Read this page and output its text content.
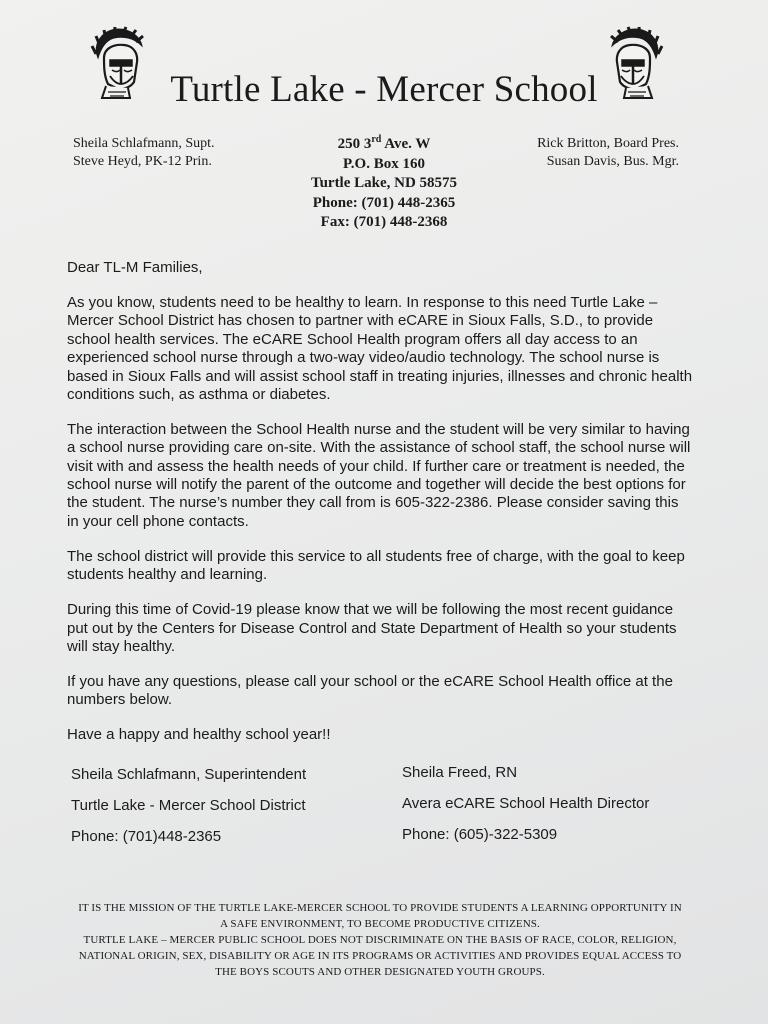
Turtle Lake - Mercer School
Sheila Schlafmann, Supt.
Steve Heyd, PK-12 Prin.
250 3rd Ave. W
P.O. Box 160
Turtle Lake, ND 58575
Phone: (701) 448-2365
Fax: (701) 448-2368
Rick Britton, Board Pres.
Susan Davis, Bus. Mgr.

Dear TL-M Families,

As you know, students need to be healthy to learn. In response to this need Turtle Lake – Mercer School District has chosen to partner with eCARE in Sioux Falls, S.D., to provide school health services. The eCARE School Health program offers all day access to an experienced school nurse through a two-way video/audio technology. The school nurse is based in Sioux Falls and will assist school staff in treating injuries, illnesses and chronic health conditions such, as asthma or diabetes.

The interaction between the School Health nurse and the student will be very similar to having a school nurse providing care on-site. With the assistance of school staff, the school nurse will visit with and assess the health needs of your child. If further care or treatment is needed, the school nurse will notify the parent of the outcome and together will decide the best options for the student. The nurse’s number they call from is 605-322-2386. Please consider saving this in your cell phone contacts.

The school district will provide this service to all students free of charge, with the goal to keep students healthy and learning.

During this time of Covid-19 please know that we will be following the most recent guidance put out by the Centers for Disease Control and State Department of Health so your students will stay healthy.

If you have any questions, please call your school or the eCARE School Health office at the numbers below.

Have a happy and healthy school year!!

Sheila Schlafmann, Superintendent
Turtle Lake - Mercer School District
Phone: (701)448-2365
Sheila Freed, RN
Avera eCARE School Health Director
Phone: (605)-322-5309
IT IS THE MISSION OF THE TURTLE LAKE-MERCER SCHOOL TO PROVIDE STUDENTS A LEARNING OPPORTUNITY IN A SAFE ENVIRONMENT, TO BECOME PRODUCTIVE CITIZENS.
TURTLE LAKE – MERCER PUBLIC SCHOOL DOES NOT DISCRIMINATE ON THE BASIS OF RACE, COLOR, RELIGION, NATIONAL ORIGIN, SEX, DISABILITY OR AGE IN ITS PROGRAMS OR ACTIVITIES AND PROVIDES EQUAL ACCESS TO THE BOYS SCOUTS AND OTHER DESIGNATED YOUTH GROUPS.
